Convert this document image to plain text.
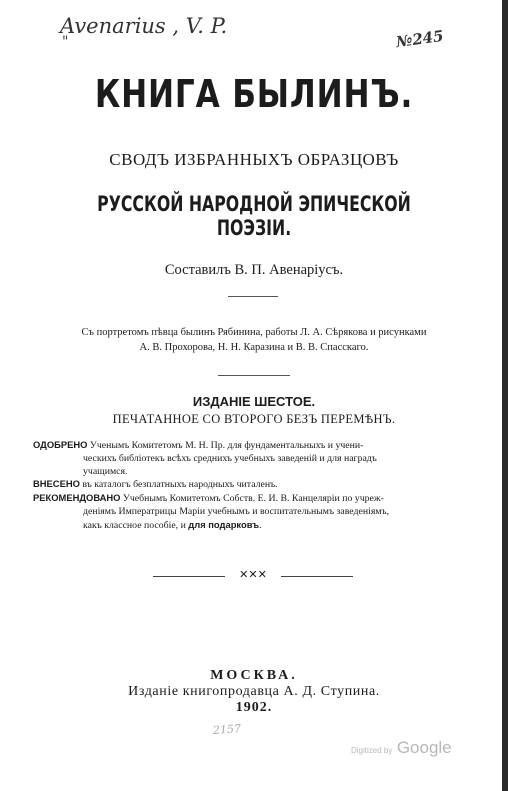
Avenarius , V. P.
"	№245
КНИГА БЫЛИНЪ.
СВОДЪ ИЗБРАННЫХЪ ОБРАЗЦОВЪ
РУССКОЙ НАРОДНОЙ ЭПИЧЕСКОЙ ПОЭЗІИ.
Составилъ В. П. Авенаріусъ.
Съ портретомъ пѣвца былинъ Рябинина, работы Л. А. Сѣрякова и рисунками
А. В. Прохорова, Н. Н. Каразина и В. В. Спасскаго.
ИЗДАНІЕ ШЕСТОЕ.
ПЕЧАТАННОЕ СО ВТОРОГО БЕЗЪ ПЕРЕМѢНЪ.

ОДОБРЕНО Ученымъ Комитетомъ М. Н. Пр. для фундаментальныхъ и учени-

ческихъ библіотекъ всѣхъ среднихъ учебныхъ заведеній и для наградъ

учащимся.

ВНЕСЕНО въ каталогъ безплатныхъ народныхъ читаленъ.

РЕКОМЕНДОВАНО Учебнымъ Комитетомъ Собств. Е. И. В. Канцеляріи по учреж-

деніямъ Императрицы Маріи учебнымъ и воспитательнымъ заведеніямъ,

какъ классное пособіе, и для подарковъ.

✕✕✕
МОСКВА.
Изданіе книгопродавца А. Д. Ступина.
1902.
2157
Digitized by Google
